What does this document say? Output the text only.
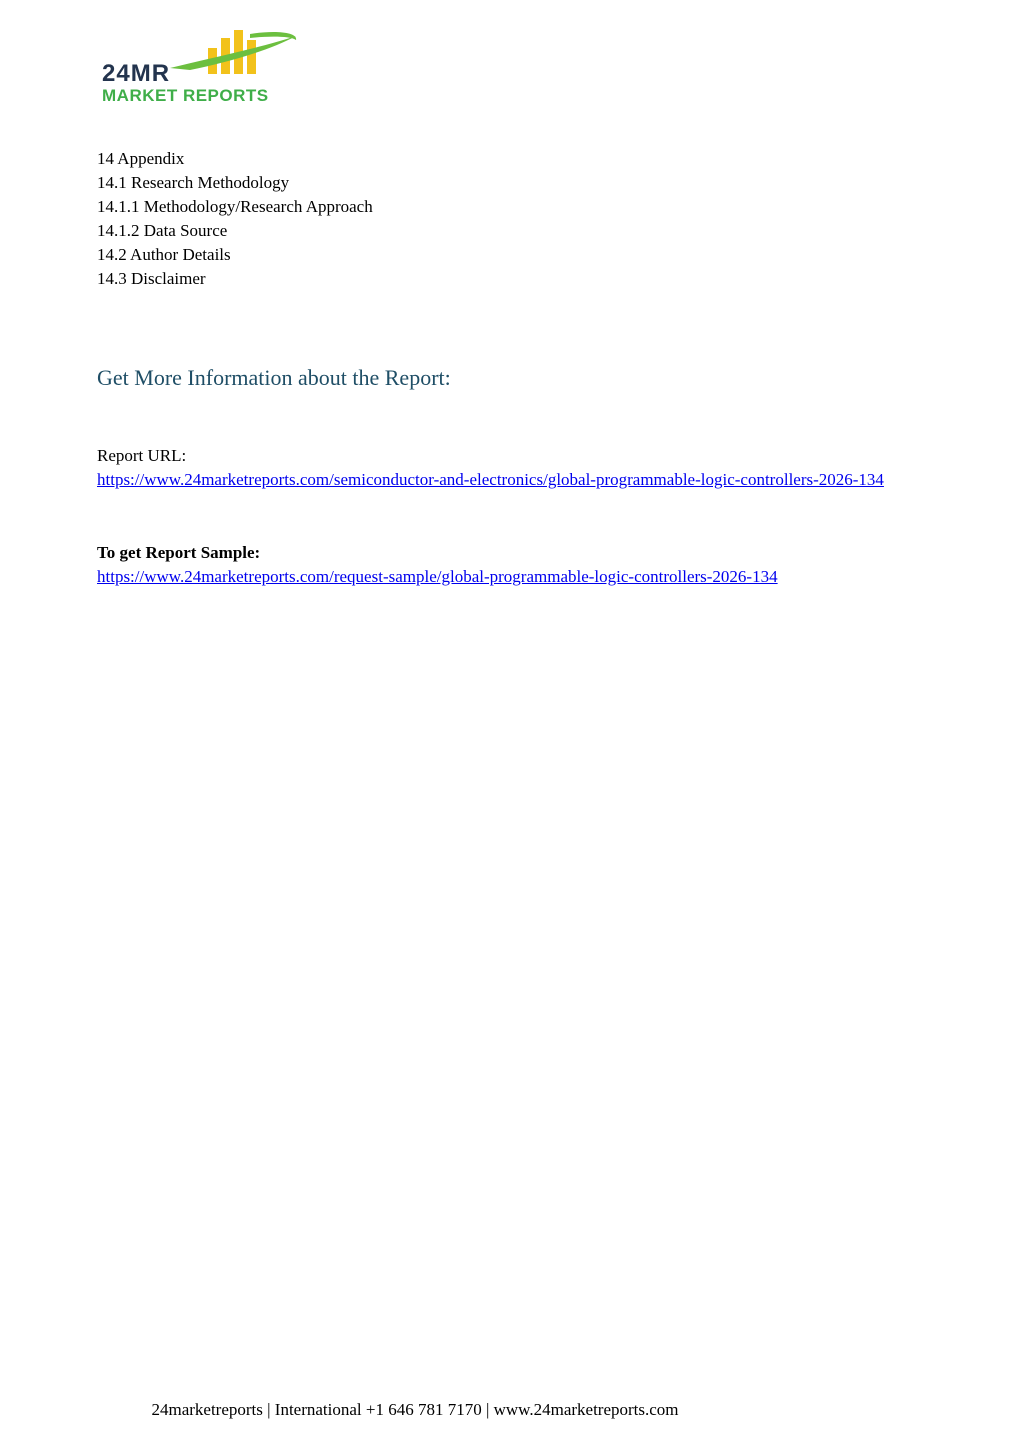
24MR
MARKET REPORTS
14 Appendix
14.1 Research Methodology
14.1.1 Methodology/Research Approach
14.1.2 Data Source
14.2 Author Details
14.3 Disclaimer
Get More Information about the Report:
Report URL:
https://www.24marketreports.com/semiconductor-and-electronics/global-programmable-logic-controllers-2026-134
To get Report Sample:
https://www.24marketreports.com/request-sample/global-programmable-logic-controllers-2026-134
24marketreports | International +1 646 781 7170 | www.24marketreports.com
